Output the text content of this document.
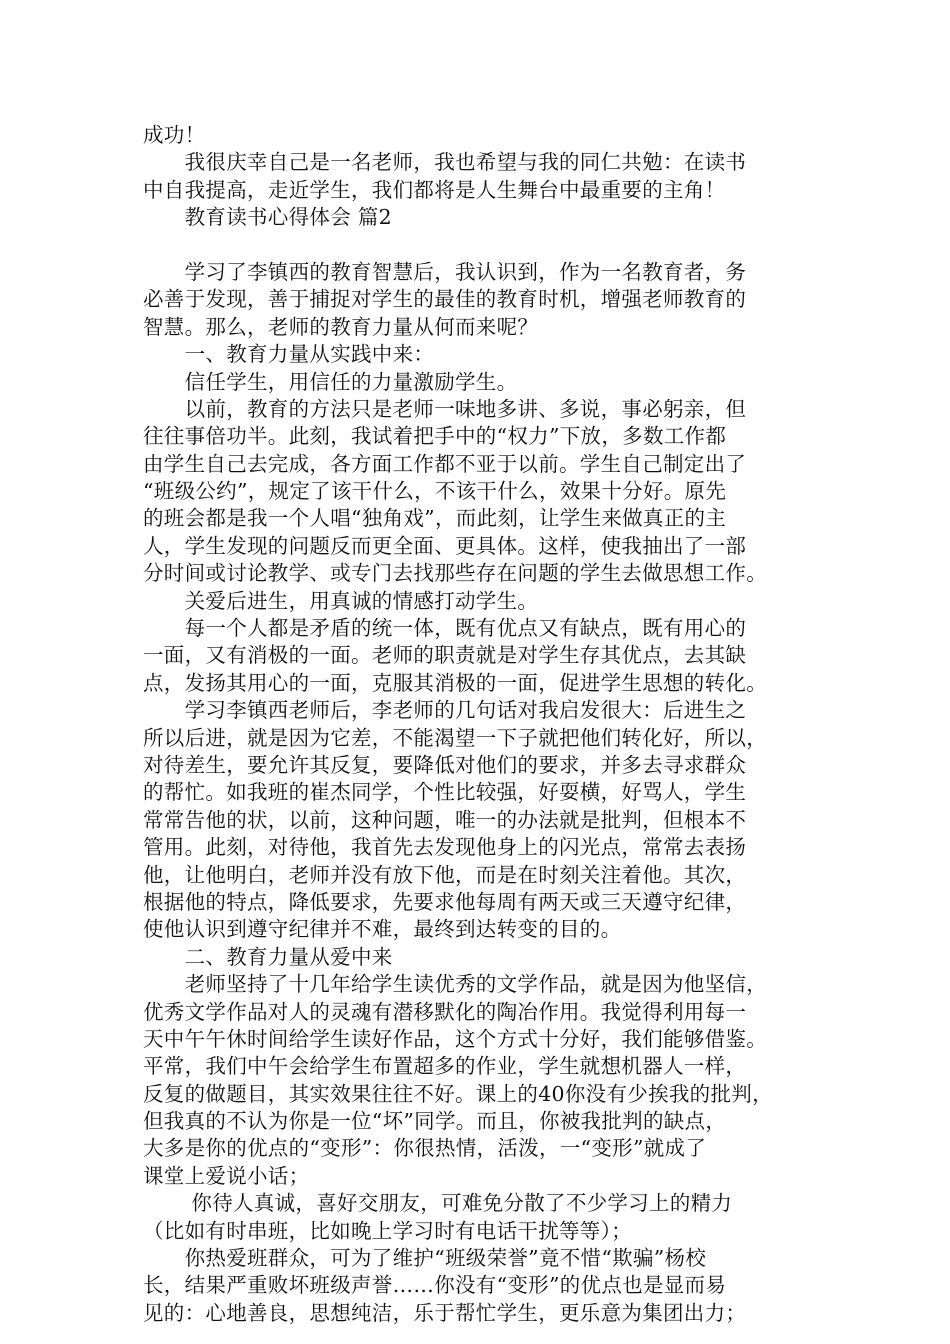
成功！
　　我很庆幸自己是一名老师，我也希望与我的同仁共勉：在读书
中自我提高，走近学生，我们都将是人生舞台中最重要的主角！
　　教育读书心得体会 篇2
　　学习了李镇西的教育智慧后，我认识到，作为一名教育者，务
必善于发现，善于捕捉对学生的最佳的教育时机，增强老师教育的
智慧。那么，老师的教育力量从何而来呢？
　　一、教育力量从实践中来：
　　信任学生，用信任的力量激励学生。
　　以前，教育的方法只是老师一味地多讲、多说，事必躬亲，但
往往事倍功半。此刻，我试着把手中的“权力”下放，多数工作都
由学生自己去完成，各方面工作都不亚于以前。学生自己制定出了
“班级公约”，规定了该干什么，不该干什么，效果十分好。原先
的班会都是我一个人唱“独角戏”，而此刻，让学生来做真正的主
人，学生发现的问题反而更全面、更具体。这样，使我抽出了一部
分时间或讨论教学、或专门去找那些存在问题的学生去做思想工作。
　　关爱后进生，用真诚的情感打动学生。
　　每一个人都是矛盾的统一体，既有优点又有缺点，既有用心的
一面，又有消极的一面。老师的职责就是对学生存其优点，去其缺
点，发扬其用心的一面，克服其消极的一面，促进学生思想的转化。
　　学习李镇西老师后，李老师的几句话对我启发很大：后进生之
所以后进，就是因为它差，不能渴望一下子就把他们转化好，所以，
对待差生，要允许其反复，要降低对他们的要求，并多去寻求群众
的帮忙。如我班的崔杰同学，个性比较强，好耍横，好骂人，学生
常常告他的状，以前，这种问题，唯一的办法就是批判，但根本不
管用。此刻，对待他，我首先去发现他身上的闪光点，常常去表扬
他，让他明白，老师并没有放下他，而是在时刻关注着他。其次，
根据他的特点，降低要求，先要求他每周有两天或三天遵守纪律，
使他认识到遵守纪律并不难，最终到达转变的目的。
　　二、教育力量从爱中来
　　老师坚持了十几年给学生读优秀的文学作品，就是因为他坚信，
优秀文学作品对人的灵魂有潜移默化的陶冶作用。我觉得利用每一
天中午午休时间给学生读好作品，这个方式十分好，我们能够借鉴。
平常，我们中午会给学生布置超多的作业，学生就想机器人一样，
反复的做题目，其实效果往往不好。课上的40你没有少挨我的批判，
但我真的不认为你是一位“坏”同学。而且，你被我批判的缺点，
大多是你的优点的“变形”：你很热情，活泼，一“变形”就成了
课堂上爱说小话；
　　 你待人真诚，喜好交朋友，可难免分散了不少学习上的精力
（比如有时串班，比如晚上学习时有电话干扰等等）；
　　你热爱班群众，可为了维护“班级荣誉”竟不惜“欺骗”杨校
长，结果严重败坏班级声誉……你没有“变形”的优点也是显而易
见的：心地善良，思想纯洁，乐于帮忙学生，更乐意为集团出力；
